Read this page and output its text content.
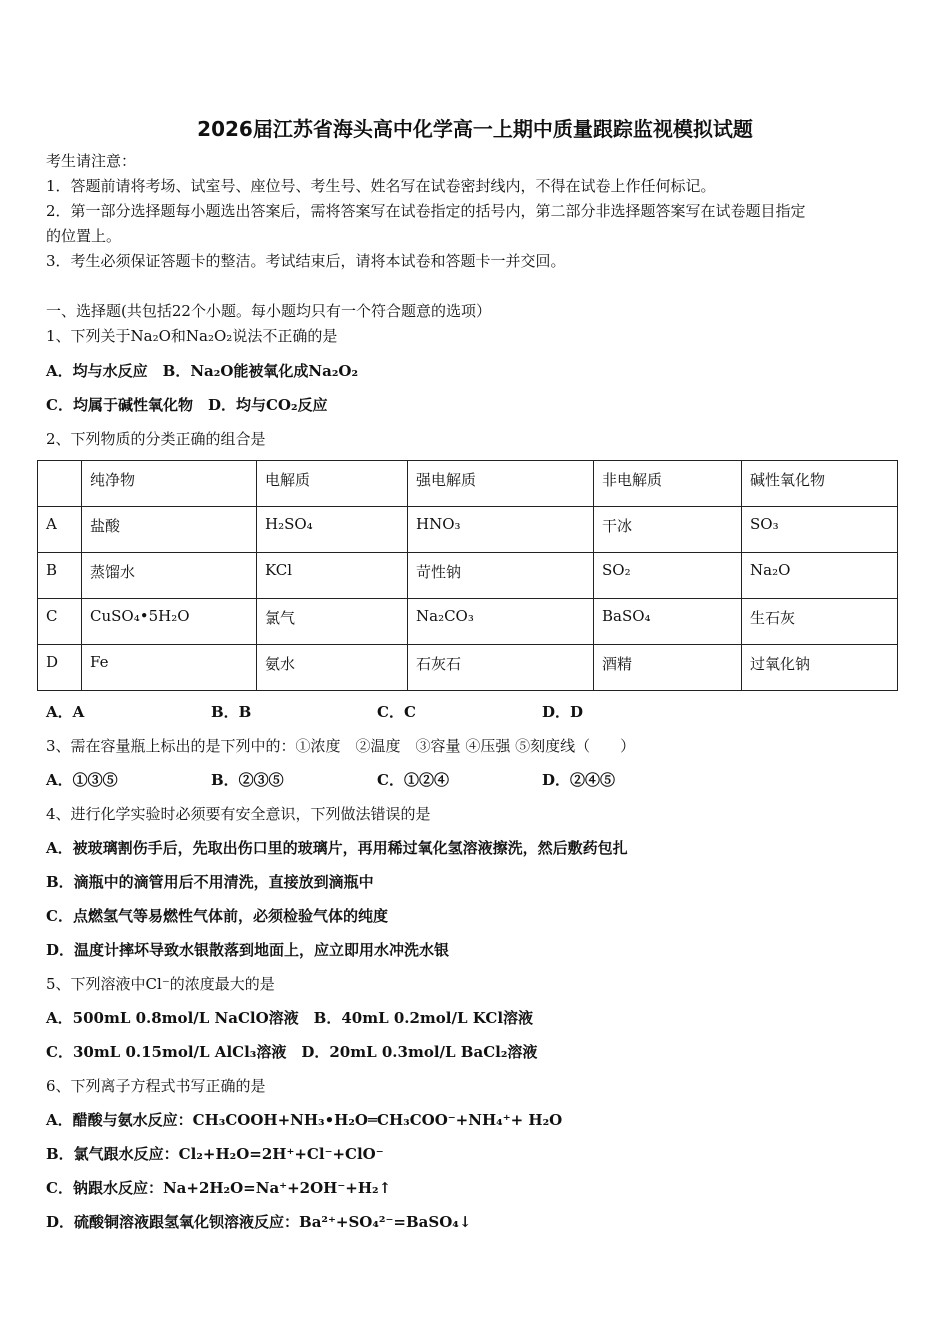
2026届江苏省海头高中化学高一上期中质量跟踪监视模拟试题
考生请注意：
1．答题前请将考场、试室号、座位号、考生号、姓名写在试卷密封线内，不得在试卷上作任何标记。
2．第一部分选择题每小题选出答案后，需将答案写在试卷指定的括号内，第二部分非选择题答案写在试卷题目指定
的位置上。
3．考生必须保证答题卡的整洁。考试结束后，请将本试卷和答题卡一并交回。
一、选择题(共包括22个小题。每小题均只有一个符合题意的选项）
1、下列关于Na₂O和Na₂O₂说法不正确的是
A．均与水反应　B．Na₂O能被氧化成Na₂O₂
C．均属于碱性氧化物　D．均与CO₂反应
2、下列物质的分类正确的组合是
	纯净物	电解质	强电解质	非电解质	碱性氧化物
A	盐酸	H₂SO₄	HNO₃	干冰	SO₃
B	蒸馏水	KCl	苛性钠	SO₂	Na₂O
C	CuSO₄•5H₂O	氯气	Na₂CO₃	BaSO₄	生石灰
D	Fe	氨水	石灰石	酒精	过氧化钠
A．A	B．B	C．C	D．D
3、需在容量瓶上标出的是下列中的：①浓度　②温度　③容量 ④压强 ⑤刻度线（　　）
A．①③⑤	B．②③⑤	C．①②④	D．②④⑤
4、进行化学实验时必须要有安全意识，下列做法错误的是
A．被玻璃割伤手后，先取出伤口里的玻璃片，再用稀过氧化氢溶液擦洗，然后敷药包扎
B．滴瓶中的滴管用后不用清洗，直接放到滴瓶中
C．点燃氢气等易燃性气体前，必须检验气体的纯度
D．温度计摔坏导致水银散落到地面上，应立即用水冲洗水银
5、下列溶液中Cl⁻的浓度最大的是
A．500mL 0.8mol/L NaClO溶液　B．40mL 0.2mol/L KCl溶液
C．30mL 0.15mol/L AlCl₃溶液　D．20mL 0.3mol/L BaCl₂溶液
6、下列离子方程式书写正确的是
A．醋酸与氨水反应：CH₃COOH+NH₃•H₂O═CH₃COO⁻+NH₄⁺+ H₂O
B．氯气跟水反应：Cl₂+H₂O=2H⁺+Cl⁻+ClO⁻
C．钠跟水反应：Na+2H₂O=Na⁺+2OH⁻+H₂↑
D．硫酸铜溶液跟氢氧化钡溶液反应：Ba²⁺+SO₄²⁻=BaSO₄↓
